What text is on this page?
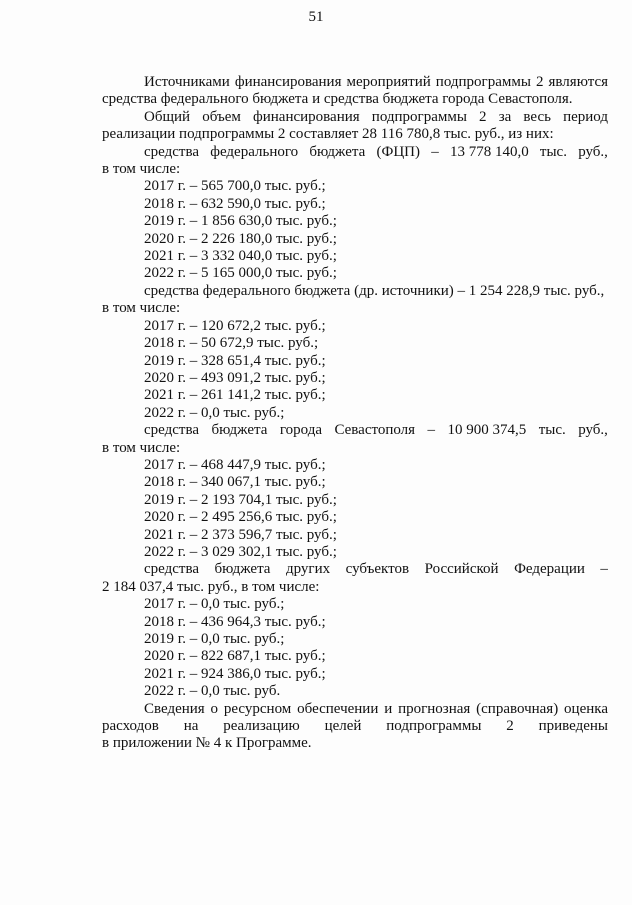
51

Источниками финансирования мероприятий подпрограммы 2 являются

средства федерального бюджета и средства бюджета города Севастополя.

Общий объем финансирования подпрограммы 2 за весь период

реализации подпрограммы 2 составляет 28 116 780,8 тыс. руб., из них:

средства федерального бюджета (ФЦП) – 13 778 140,0 тыс. руб.,

в том числе:

2017 г. – 565 700,0 тыс. руб.;

2018 г. – 632 590,0 тыс. руб.;

2019 г. – 1 856 630,0 тыс. руб.;

2020 г. – 2 226 180,0 тыс. руб.;

2021 г. – 3 332 040,0 тыс. руб.;

2022 г. – 5 165 000,0 тыс. руб.;

средства федерального бюджета (др. источники) – 1 254 228,9 тыс. руб.,

в том числе:

2017 г. – 120 672,2 тыс. руб.;

2018 г. – 50 672,9 тыс. руб.;

2019 г. – 328 651,4 тыс. руб.;

2020 г. – 493 091,2 тыс. руб.;

2021 г. – 261 141,2 тыс. руб.;

2022 г. – 0,0 тыс. руб.;

средства бюджета города Севастополя – 10 900 374,5 тыс. руб.,

в том числе:

2017 г. – 468 447,9 тыс. руб.;

2018 г. – 340 067,1 тыс. руб.;

2019 г. – 2 193 704,1 тыс. руб.;

2020 г. – 2 495 256,6 тыс. руб.;

2021 г. – 2 373 596,7 тыс. руб.;

2022 г. – 3 029 302,1 тыс. руб.;

средства бюджета других субъектов Российской Федерации –

2 184 037,4 тыс. руб., в том числе:

2017 г. – 0,0 тыс. руб.;

2018 г. – 436 964,3 тыс. руб.;

2019 г. – 0,0 тыс. руб.;

2020 г. – 822 687,1 тыс. руб.;

2021 г. – 924 386,0 тыс. руб.;

2022 г. – 0,0 тыс. руб.

Сведения о ресурсном обеспечении и прогнозная (справочная) оценка

расходов на реализацию целей подпрограммы 2 приведены

в приложении № 4 к Программе.
